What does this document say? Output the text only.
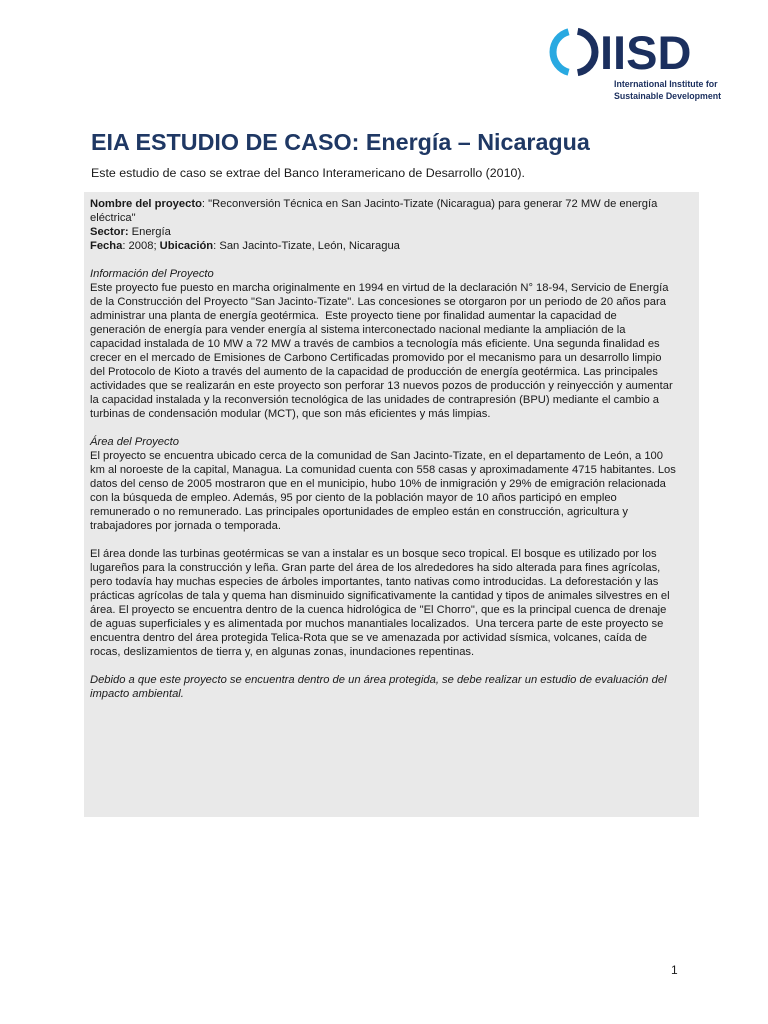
IISD
International Institute for
Sustainable Development
EIA ESTUDIO DE CASO: Energía – Nicaragua
Este estudio de caso se extrae del Banco Interamericano de Desarrollo (2010).
Nombre del proyecto: "Reconversión Técnica en San Jacinto-Tizate (Nicaragua) para generar 72 MW de energía
eléctrica"
Sector: Energía
Fecha: 2008; Ubicación: San Jacinto-Tizate, León, Nicaragua
Información del Proyecto
Este proyecto fue puesto en marcha originalmente en 1994 en virtud de la declaración N° 18-94, Servicio de Energía
de la Construcción del Proyecto "San Jacinto-Tizate". Las concesiones se otorgaron por un periodo de 20 años para
administrar una planta de energía geotérmica.  Este proyecto tiene por finalidad aumentar la capacidad de
generación de energía para vender energía al sistema interconectado nacional mediante la ampliación de la
capacidad instalada de 10 MW a 72 MW a través de cambios a tecnología más eficiente. Una segunda finalidad es
crecer en el mercado de Emisiones de Carbono Certificadas promovido por el mecanismo para un desarrollo limpio
del Protocolo de Kioto a través del aumento de la capacidad de producción de energía geotérmica. Las principales
actividades que se realizarán en este proyecto son perforar 13 nuevos pozos de producción y reinyección y aumentar
la capacidad instalada y la reconversión tecnológica de las unidades de contrapresión (BPU) mediante el cambio a
turbinas de condensación modular (MCT), que son más eficientes y más limpias.
Área del Proyecto
El proyecto se encuentra ubicado cerca de la comunidad de San Jacinto-Tizate, en el departamento de León, a 100
km al noroeste de la capital, Managua. La comunidad cuenta con 558 casas y aproximadamente 4715 habitantes. Los
datos del censo de 2005 mostraron que en el municipio, hubo 10% de inmigración y 29% de emigración relacionada
con la búsqueda de empleo. Además, 95 por ciento de la población mayor de 10 años participó en empleo
remunerado o no remunerado. Las principales oportunidades de empleo están en construcción, agricultura y
trabajadores por jornada o temporada.
El área donde las turbinas geotérmicas se van a instalar es un bosque seco tropical. El bosque es utilizado por los
lugareños para la construcción y leña. Gran parte del área de los alrededores ha sido alterada para fines agrícolas,
pero todavía hay muchas especies de árboles importantes, tanto nativas como introducidas. La deforestación y las
prácticas agrícolas de tala y quema han disminuido significativamente la cantidad y tipos de animales silvestres en el
área. El proyecto se encuentra dentro de la cuenca hidrológica de "El Chorro", que es la principal cuenca de drenaje
de aguas superficiales y es alimentada por muchos manantiales localizados.  Una tercera parte de este proyecto se
encuentra dentro del área protegida Telica-Rota que se ve amenazada por actividad sísmica, volcanes, caída de
rocas, deslizamientos de tierra y, en algunas zonas, inundaciones repentinas.
Debido a que este proyecto se encuentra dentro de un área protegida, se debe realizar un estudio de evaluación del
impacto ambiental.
1
